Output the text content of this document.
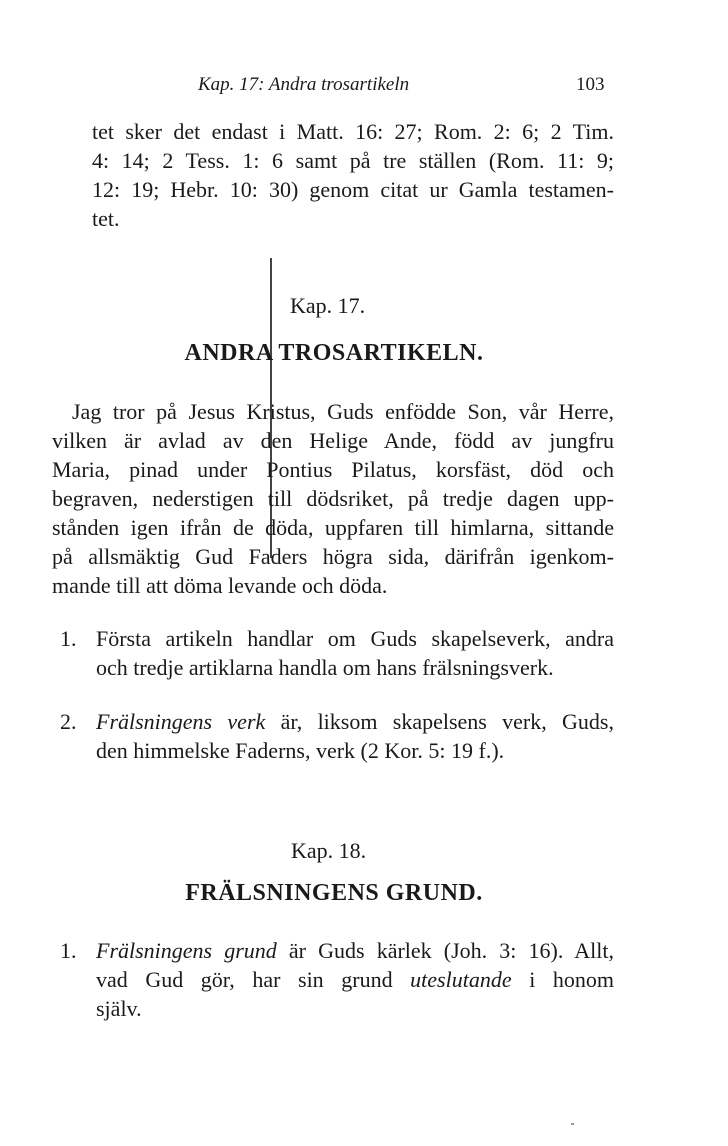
Kap. 17: Andra trosartikeln	103
tet sker det endast i Matt. 16: 27; Rom. 2: 6; 2 Tim.
4: 14; 2 Tess. 1: 6 samt på tre ställen (Rom. 11: 9;
12: 19; Hebr. 10: 30) genom citat ur Gamla testamen-
tet.
Kap. 17.
ANDRA TROSARTIKELN.
Jag tror på Jesus Kristus, Guds enfödde Son, vår Herre,
vilken är avlad av den Helige Ande, född av jungfru
Maria, pinad under Pontius Pilatus, korsfäst, död och
begraven, nederstigen till dödsriket, på tredje dagen upp-
stånden igen ifrån de döda, uppfaren till himlarna, sittande
på allsmäktig Gud Faders högra sida, därifrån igenkom-
mande till att döma levande och döda.
1. Första artikeln handlar om Guds skapelseverk, andra
och tredje artiklarna handla om hans frälsningsverk.
2. Frälsningens verk är, liksom skapelsens verk, Guds,
den himmelske Faderns, verk (2 Kor. 5: 19 f.).
Kap. 18.
FRÄLSNINGENS GRUND.
1. Frälsningens grund är Guds kärlek (Joh. 3: 16). Allt,
vad Gud gör, har sin grund uteslutande i honom
själv.
